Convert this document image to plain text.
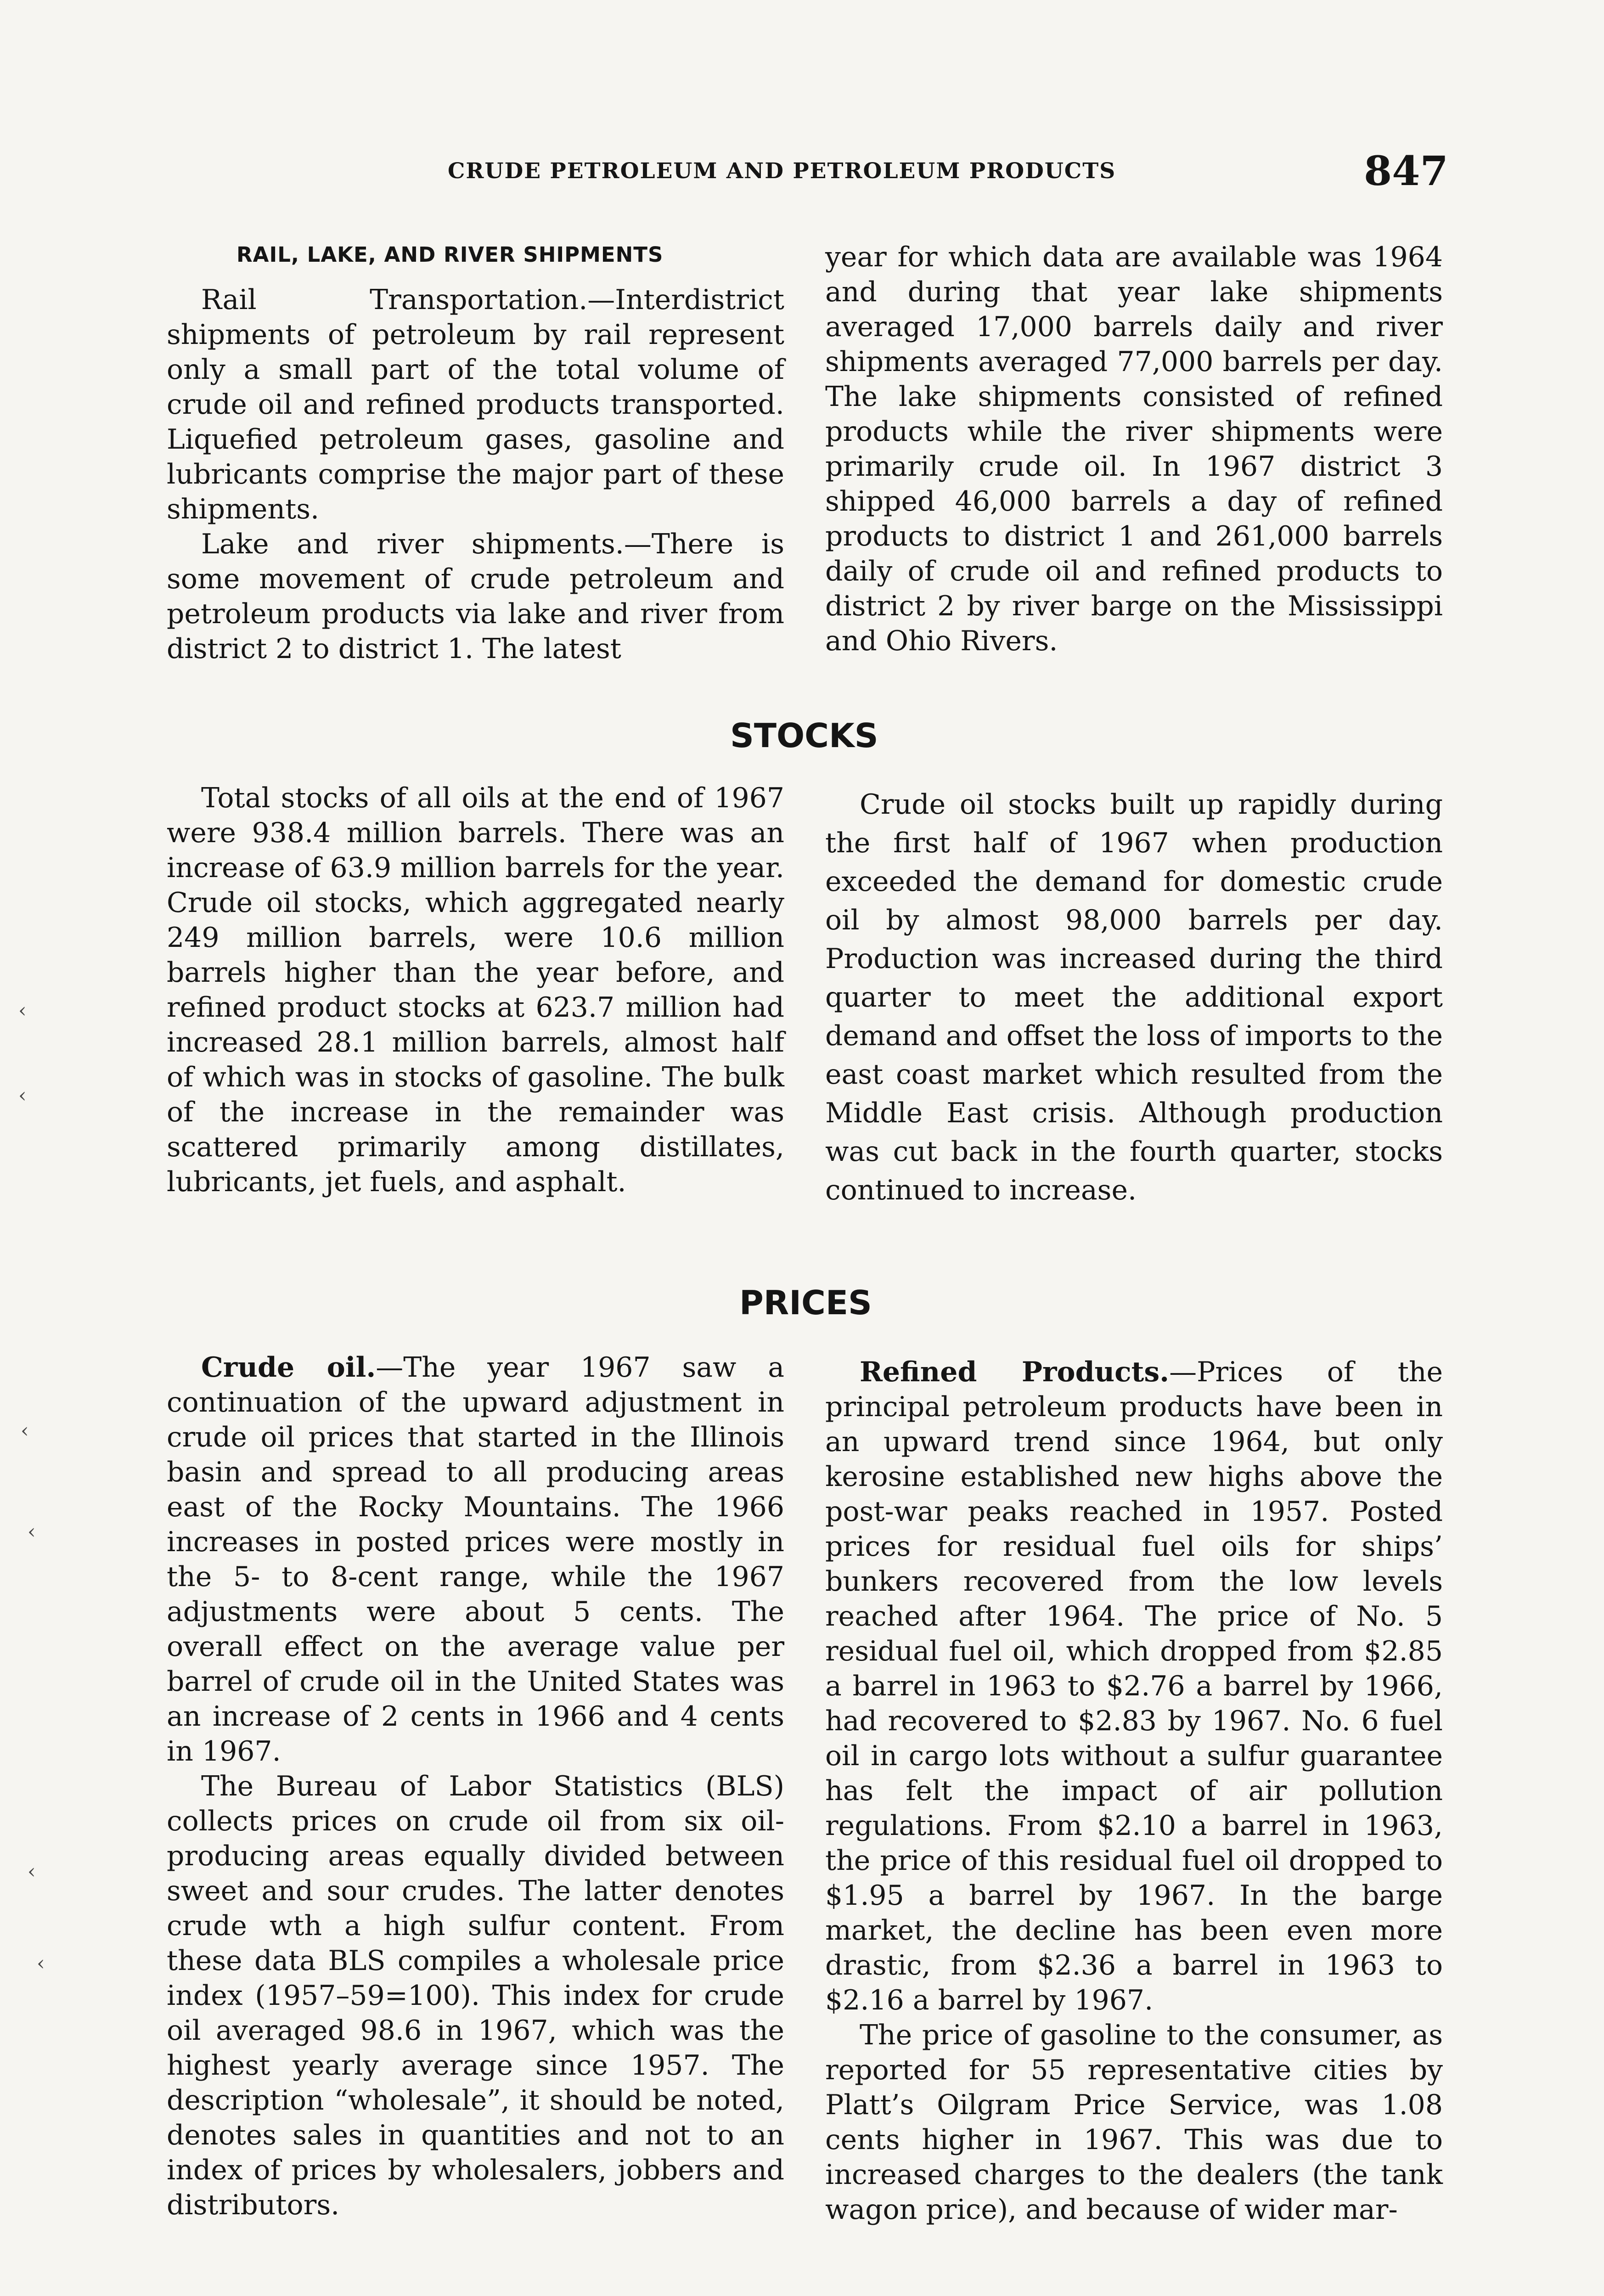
CRUDE PETROLEUM AND PETROLEUM PRODUCTS	847
RAIL, LAKE, AND RIVER SHIPMENTS

Rail Transportation.—Interdistrict shipments of petroleum by rail represent only a small part of the total volume of crude oil and refined products transported. Liquefied petroleum gases, gasoline and lubricants comprise the major part of these shipments.

Lake and river shipments.—There is some movement of crude petroleum and petroleum products via lake and river from district 2 to district 1. The latest

year for which data are available was 1964 and during that year lake shipments averaged 17,000 barrels daily and river shipments averaged 77,000 barrels per day. The lake shipments consisted of refined products while the river shipments were primarily crude oil. In 1967 district 3 shipped 46,000 barrels a day of refined products to district 1 and 261,000 barrels daily of crude oil and refined products to district 2 by river barge on the Mississippi and Ohio Rivers.

STOCKS

Total stocks of all oils at the end of 1967 were 938.4 million barrels. There was an increase of 63.9 million barrels for the year. Crude oil stocks, which aggregated nearly 249 million barrels, were 10.6 million barrels higher than the year before, and refined product stocks at 623.7 million had increased 28.1 million barrels, almost half of which was in stocks of gasoline. The bulk of the increase in the remainder was scattered primarily among distillates, lubricants, jet fuels, and asphalt.

Crude oil stocks built up rapidly during the first half of 1967 when production exceeded the demand for domestic crude oil by almost 98,000 barrels per day. Production was increased during the third quarter to meet the additional export demand and offset the loss of imports to the east coast market which resulted from the Middle East crisis. Although production was cut back in the fourth quarter, stocks continued to increase.

PRICES

Crude oil.—The year 1967 saw a continuation of the upward adjustment in crude oil prices that started in the Illinois basin and spread to all producing areas east of the Rocky Mountains. The 1966 increases in posted prices were mostly in the 5- to 8-cent range, while the 1967 adjustments were about 5 cents. The overall effect on the average value per barrel of crude oil in the United States was an increase of 2 cents in 1966 and 4 cents in 1967.

The Bureau of Labor Statistics (BLS) collects prices on crude oil from six oil-producing areas equally divided between sweet and sour crudes. The latter denotes crude wth a high sulfur content. From these data BLS compiles a wholesale price index (1957–59=100). This index for crude oil averaged 98.6 in 1967, which was the highest yearly average since 1957. The description “wholesale”, it should be noted, denotes sales in quantities and not to an index of prices by wholesalers, jobbers and distributors.

Refined Products.—Prices of the principal petroleum products have been in an upward trend since 1964, but only kerosine established new highs above the post-war peaks reached in 1957. Posted prices for residual fuel oils for ships’ bunkers recovered from the low levels reached after 1964. The price of No. 5 residual fuel oil, which dropped from $2.85 a barrel in 1963 to $2.76 a barrel by 1966, had recovered to $2.83 by 1967. No. 6 fuel oil in cargo lots without a sulfur guarantee has felt the impact of air pollution regulations. From $2.10 a barrel in 1963, the price of this residual fuel oil dropped to $1.95 a barrel by 1967. In the barge market, the decline has been even more drastic, from $2.36 a barrel in 1963 to $2.16 a barrel by 1967.

The price of gasoline to the consumer, as reported for 55 representative cities by Platt’s Oilgram Price Service, was 1.08 cents higher in 1967. This was due to increased charges to the dealers (the tank wagon price), and because of wider mar-

‹
‹
‹
‹
‹
‹
